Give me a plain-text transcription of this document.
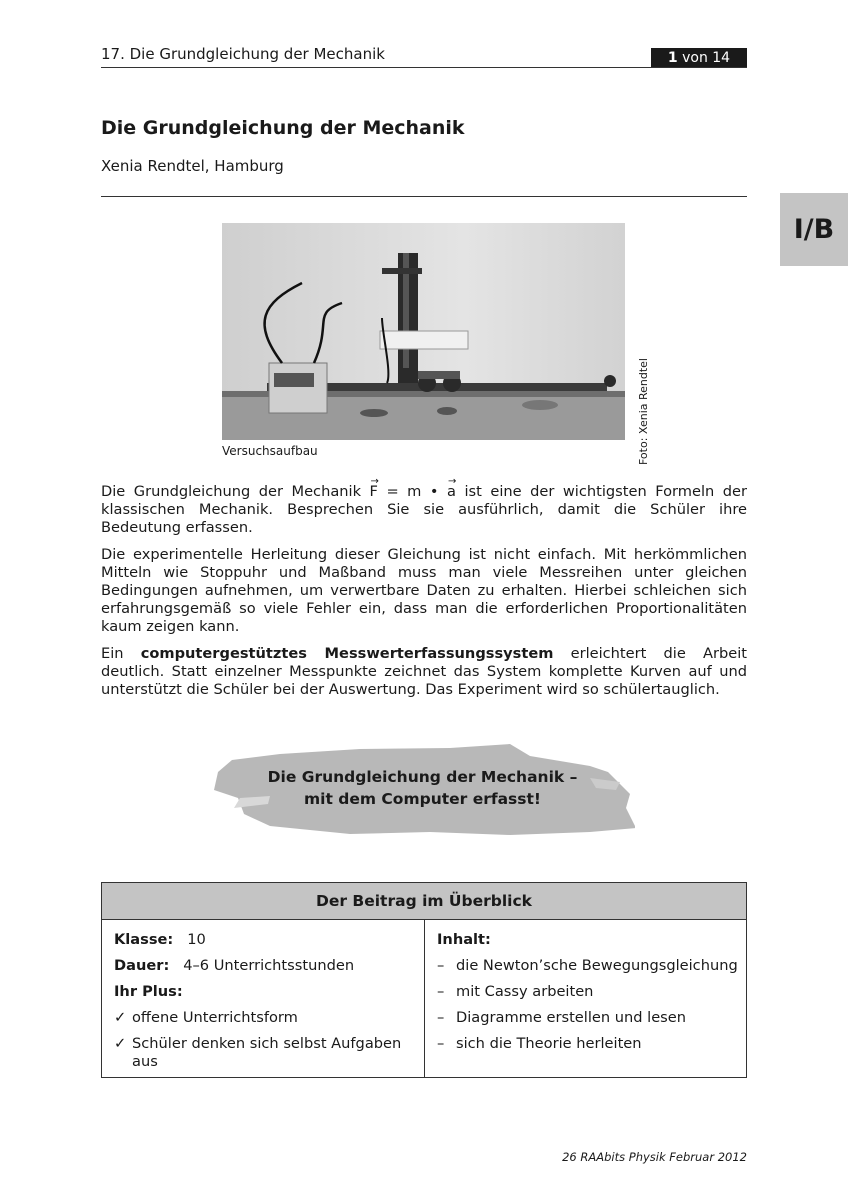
17. Die Grundgleichung der Mechanik	1 von 14
I/B
Die Grundgleichung der Mechanik
Xenia Rendtel, Hamburg
Versuchsaufbau	Foto: Xenia Rendtel

Die Grundgleichung der Mechanik → F = m • → a ist eine der wichtigsten Formeln der klassischen Mechanik. Besprechen Sie sie ausführlich, damit die Schüler ihre Bedeutung erfassen.

Die experimentelle Herleitung dieser Gleichung ist nicht einfach. Mit herkömmlichen Mitteln wie Stoppuhr und Maßband muss man viele Messreihen unter gleichen Bedingungen aufnehmen, um verwertbare Daten zu erhalten. Hierbei schleichen sich erfahrungsgemäß so viele Fehler ein, dass man die erforderlichen Proportionalitäten kaum zeigen kann.

Ein computergestütztes Messwerterfassungssystem erleichtert die Arbeit deutlich. Statt einzelner Messpunkte zeichnet das System komplette Kurven auf und unterstützt die Schüler bei der Auswertung. Das Experiment wird so schülertauglich.

Die Grundgleichung der Mechanik –
mit dem Computer erfasst!
Der Beitrag im Überblick
Klasse: 10
Dauer: 4–6 Unterrichtsstunden
Ihr Plus:
✓ offene Unterrichtsform
✓ Schüler denken sich selbst Aufgaben
aus
Inhalt:
– die Newton’sche Bewegungsgleichung
– mit Cassy arbeiten
– Diagramme erstellen und lesen
– sich die Theorie herleiten
26 RAAbits Physik Februar 2012
